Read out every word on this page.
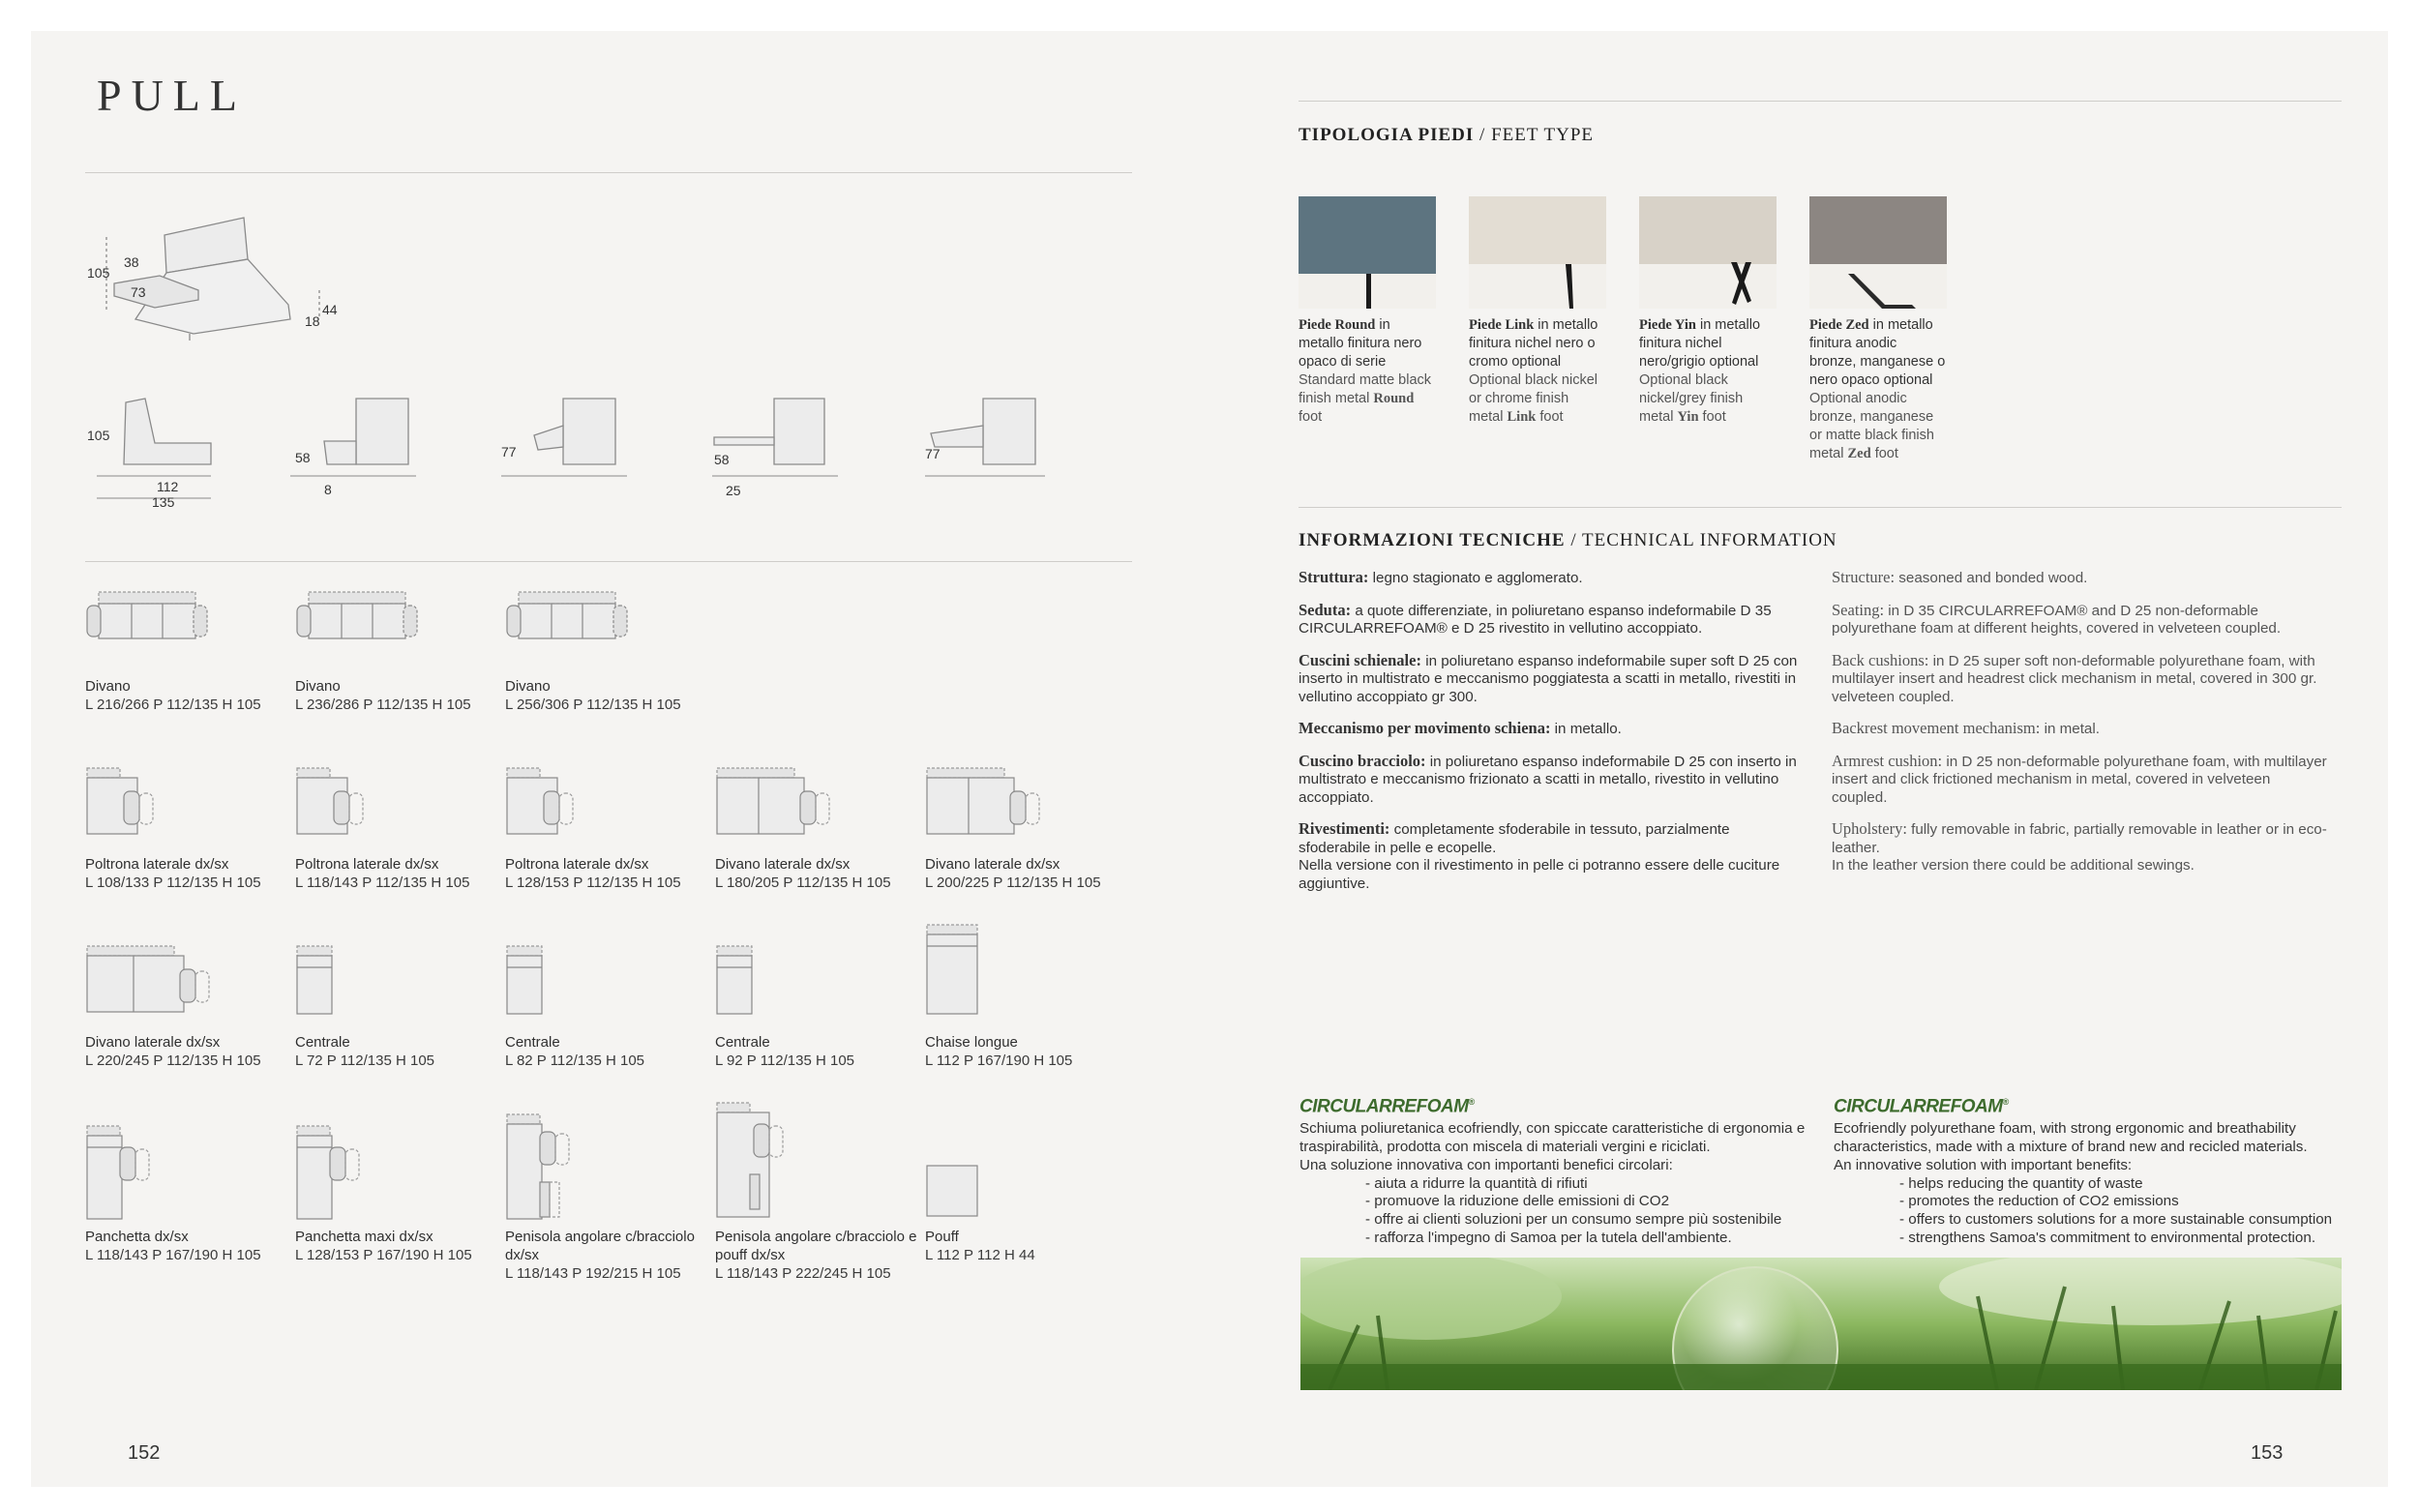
PULL
105
38
73
44
18
105
112
135
58
8
77	58
25
77
Divano
L 216/266 P 112/135 H 105
Divano
L 236/286 P 112/135 H 105
Divano
L 256/306 P 112/135 H 105
Poltrona laterale dx/sx
L 108/133 P 112/135 H 105
Poltrona laterale dx/sx
L 118/143 P 112/135 H 105
Poltrona laterale dx/sx
L 128/153 P 112/135 H 105
Divano laterale dx/sx
L 180/205 P 112/135 H 105
Divano laterale dx/sx
L 200/225 P 112/135 H 105
Divano laterale dx/sx
L 220/245 P 112/135 H 105
Centrale
L 72 P 112/135 H 105
Centrale
L 82 P 112/135 H 105
Centrale
L 92 P 112/135 H 105
Chaise longue
L 112 P 167/190 H 105
Panchetta dx/sx
L 118/143 P 167/190 H 105
Panchetta maxi dx/sx
L 128/153 P 167/190 H 105
Penisola angolare c/bracciolo dx/sx
L 118/143 P 192/215 H 105
Penisola angolare c/bracciolo e pouff dx/sx
L 118/143 P 222/245 H 105
Pouff
L 112 P 112 H 44
152
TIPOLOGIA PIEDI / FEET TYPE
Piede Round in metallo finitura nero opaco di serie
Standard matte black finish metal Round foot
Piede Link in metallo finitura nichel nero o cromo optional
Optional black nickel or chrome finish metal Link foot
Piede Yin in metallo finitura nichel nero/grigio optional
Optional black nickel/grey finish metal Yin foot
Piede Zed in metallo finitura anodic bronze, manganese o nero opaco optional
Optional anodic bronze, manganese or matte black finish metal Zed foot
INFORMAZIONI TECNICHE / TECHNICAL INFORMATION

Struttura: legno stagionato e agglomerato.

Seduta: a quote differenziate, in poliuretano espanso indeformabile D 35 CIRCULARREFOAM® e D 25 rivestito in vellutino accoppiato.

Cuscini schienale: in poliuretano espanso indeformabile super soft D 25 con inserto in multistrato e meccanismo poggiatesta a scatti in metallo, rivestiti in vellutino accoppiato gr 300.

Meccanismo per movimento schiena: in metallo.

Cuscino bracciolo: in poliuretano espanso indeformabile D 25 con inserto in multistrato e meccanismo frizionato a scatti in metallo, rivestito in vellutino accoppiato.

Rivestimenti: completamente sfoderabile in tessuto, parzialmente sfoderabile in pelle e ecopelle.
Nella versione con il rivestimento in pelle ci potranno essere delle cuciture aggiuntive.

Structure: seasoned and bonded wood.

Seating: in D 35 CIRCULARREFOAM® and D 25 non-deformable polyurethane foam at different heights, covered in velveteen coupled.

Back cushions: in D 25 super soft non-deformable polyurethane foam, with multilayer insert and headrest click mechanism in metal, covered in 300 gr. velveteen coupled.

Backrest movement mechanism: in metal.

Armrest cushion: in D 25 non-deformable polyurethane foam, with multilayer insert and click frictioned mechanism in metal, covered in velveteen coupled.

Upholstery: fully removable in fabric, partially removable in leather or in eco-leather.
In the leather version there could be additional sewings.

CIRCULARREFOAM®
Schiuma poliuretanica ecofriendly, con spiccate caratteristiche di ergonomia e traspirabilità, prodotta con miscela di materiali vergini e riciclati.
Una soluzione innovativa con importanti benefici circolari:
- aiuta a ridurre la quantità di rifiuti
- promuove la riduzione delle emissioni di CO2
- offre ai clienti soluzioni per un consumo sempre più sostenibile
- rafforza l'impegno di Samoa per la tutela dell'ambiente.
CIRCULARREFOAM®
Ecofriendly polyurethane foam, with strong ergonomic and breathability characteristics, made with a mixture of brand new and recicled materials.
An innovative solution with important benefits:
- helps reducing the quantity of waste
- promotes the reduction of CO2 emissions
- offers to customers solutions for a more sustainable consumption
- strengthens Samoa's commitment to environmental protection.
153
